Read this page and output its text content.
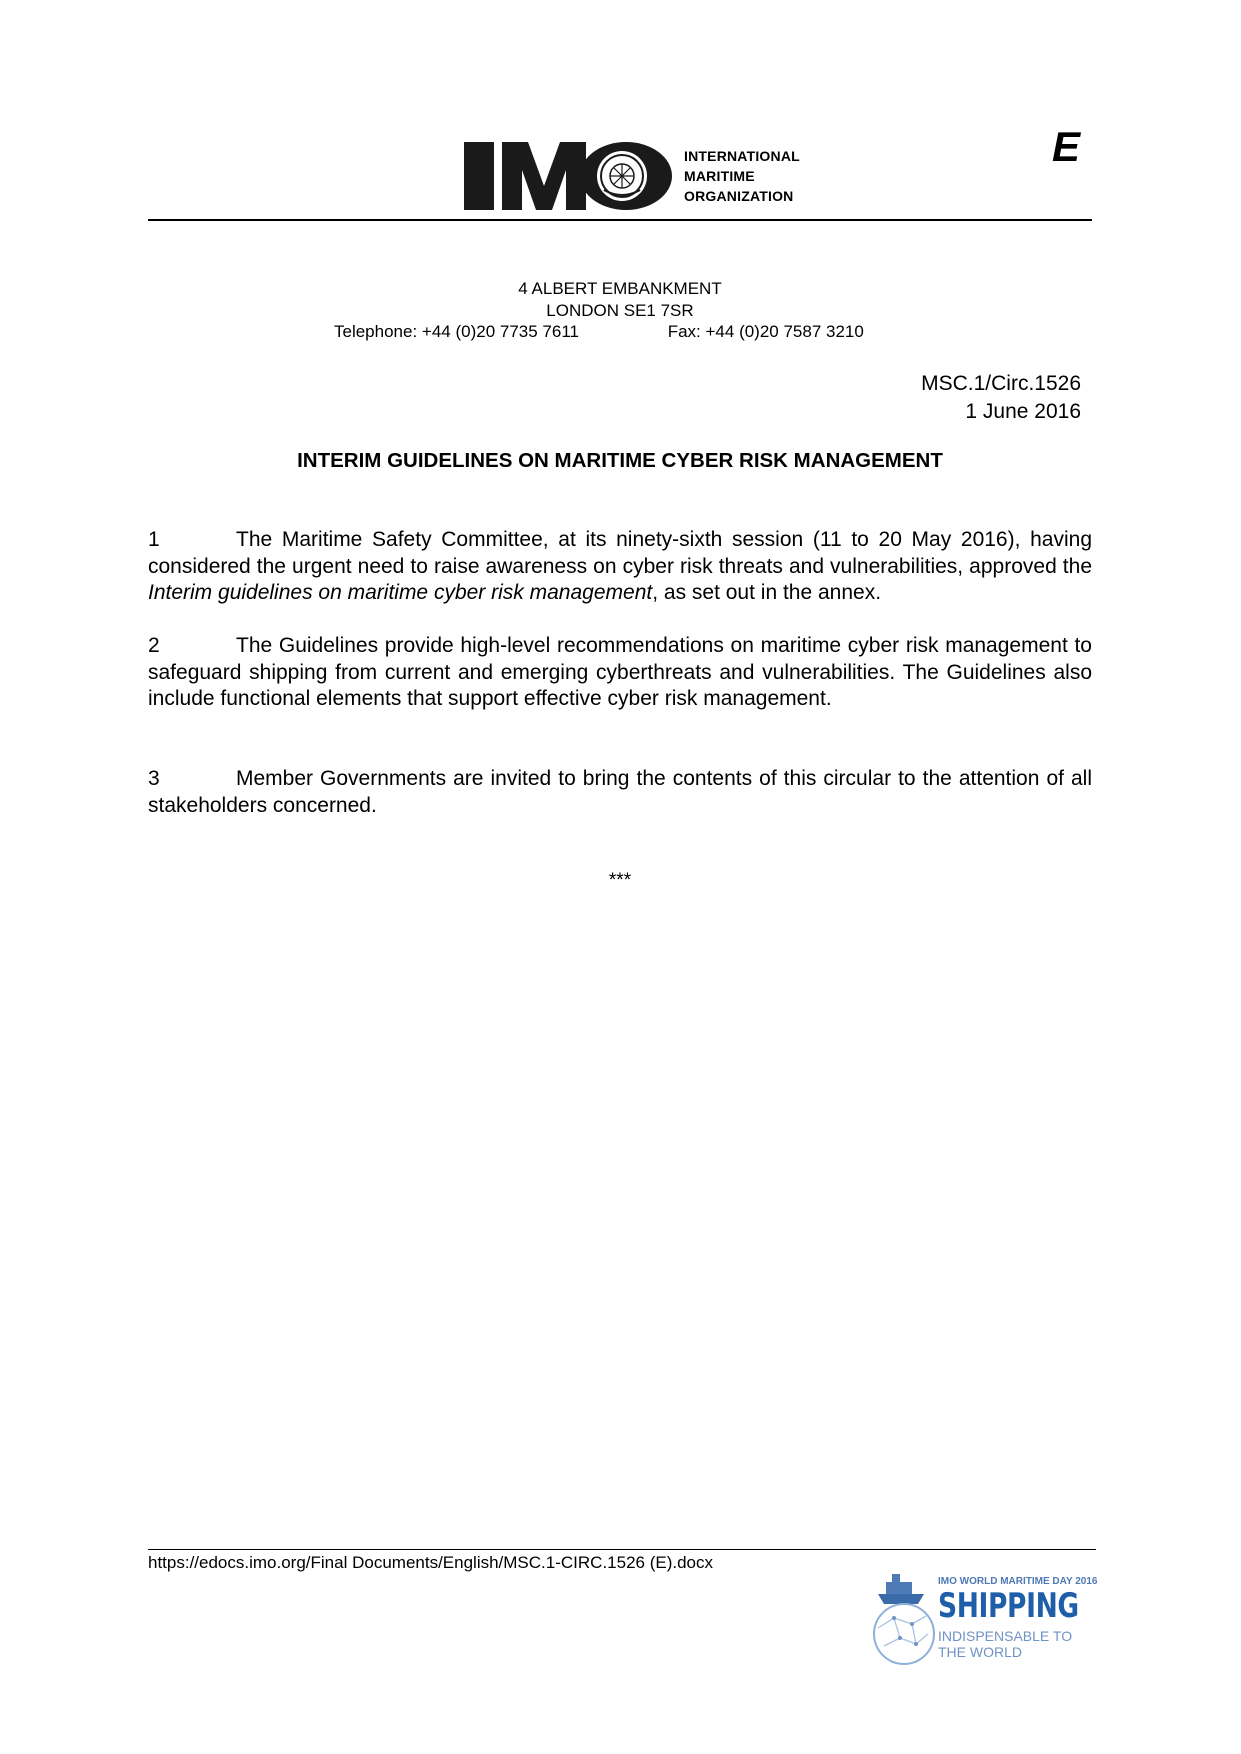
INTERNATIONAL
MARITIME
ORGANIZATION
E
4 ALBERT EMBANKMENT
LONDON SE1 7SR
Telephone: +44 (0)20 7735 7611	Fax: +44 (0)20 7587 3210
MSC.1/Circ.1526
1 June 2016
INTERIM GUIDELINES ON MARITIME CYBER RISK MANAGEMENT
1	The Maritime Safety Committee, at its ninety-sixth session (11 to 20 May 2016), having considered the urgent need to raise awareness on cyber risk threats and vulnerabilities, approved the Interim guidelines on maritime cyber risk management, as set out in the annex.
2	The Guidelines provide high-level recommendations on maritime cyber risk management to safeguard shipping from current and emerging cyberthreats and vulnerabilities. The Guidelines also include functional elements that support effective cyber risk management.
3	Member Governments are invited to bring the contents of this circular to the attention of all stakeholders concerned.
***
https://edocs.imo.org/Final Documents/English/MSC.1-CIRC.1526 (E).docx
IMO WORLD MARITIME DAY 2016
SHIPPING
INDISPENSABLE TO
THE WORLD
